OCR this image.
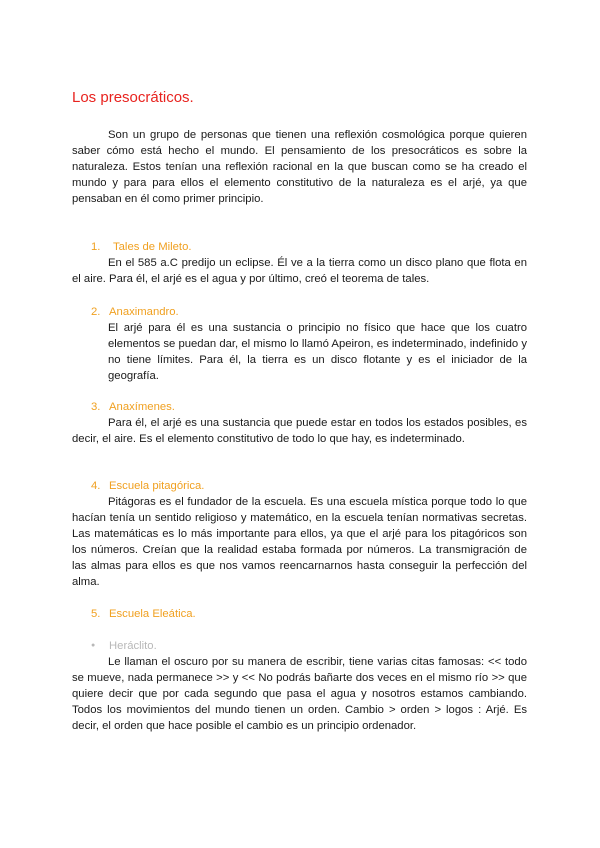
Los presocráticos.

Son un grupo de personas que tienen una reflexión cosmológica porque quieren saber cómo está hecho el mundo. El pensamiento de los presocráticos es sobre la naturaleza. Estos tenían una reflexión racional en la que buscan como se ha creado el mundo y para para ellos el elemento constitutivo de la naturaleza es el arjé, ya que pensaban en él como primer principio.

1. Tales de Mileto.

En el 585 a.C predijo un eclipse. Él ve a la tierra como un disco plano que flota en el aire. Para él, el arjé es el agua y por último, creó el teorema de tales.

2. Anaximandro.

El arjé para él es una sustancia o principio no físico que hace que los cuatro elementos se puedan dar, el mismo lo llamó Apeiron, es indeterminado, indefinido y no tiene límites. Para él, la tierra es un disco flotante y es el iniciador de la geografía.

3. Anaxímenes.

Para él, el arjé es una sustancia que puede estar en todos los estados posibles, es decir, el aire. Es el elemento constitutivo de todo lo que hay, es indeterminado.

4. Escuela pitagórica.

Pitágoras es el fundador de la escuela. Es una escuela mística porque todo lo que hacían tenía un sentido religioso y matemático, en la escuela tenían normativas secretas. Las matemáticas es lo más importante para ellos, ya que el arjé para los pitagóricos son los números. Creían que la realidad estaba formada por números. La transmigración de las almas para ellos es que nos vamos reencarnarnos hasta conseguir la perfección del alma.

5. Escuela Eleática.
● Heráclito.

Le llaman el oscuro por su manera de escribir, tiene varias citas famosas: << todo se mueve, nada permanece >> y << No podrás bañarte dos veces en el mismo río >> que quiere decir que por cada segundo que pasa el agua y nosotros estamos cambiando. Todos los movimientos del mundo tienen un orden. Cambio > orden > logos : Arjé. Es decir, el orden que hace posible el cambio es un principio ordenador.
